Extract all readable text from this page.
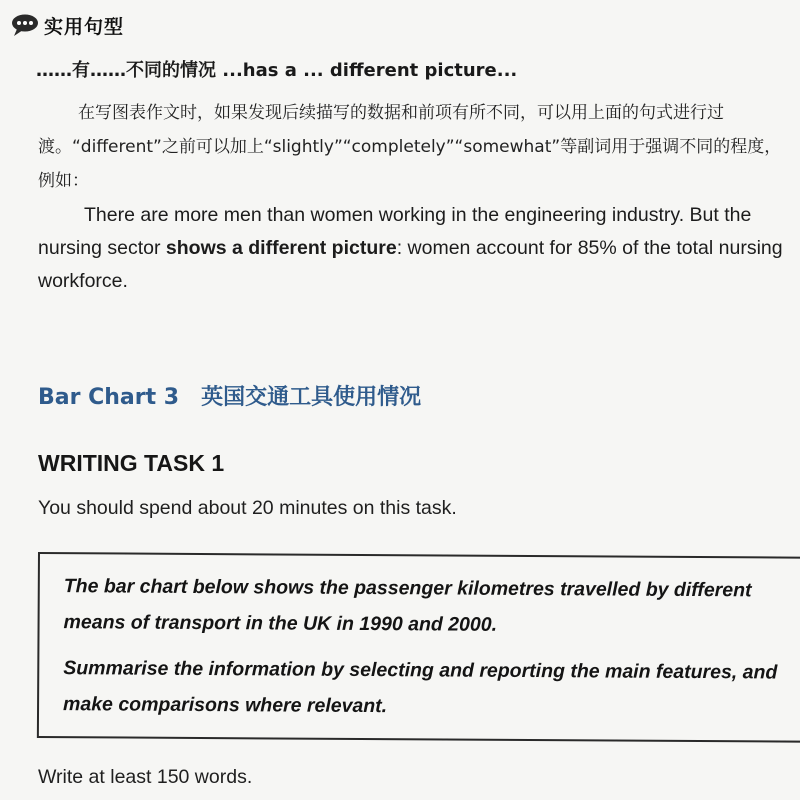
实用句型
……有……不同的情况 ...has a ... different picture...
在写图表作文时，如果发现后续描写的数据和前项有所不同，可以用上面的句式进行过渡。“different”之前可以加上“slightly”“completely”“somewhat”等副词用于强调不同的程度，例如：
There are more men than women working in the engineering industry. But the nursing sector shows a different picture: women account for 85% of the total nursing workforce.
Bar Chart 3 英国交通工具使用情况
WRITING TASK 1
You should spend about 20 minutes on this task.

The bar chart below shows the passenger kilometres travelled by different means of transport in the UK in 1990 and 2000.

Summarise the information by selecting and reporting the main features, and make comparisons where relevant.

Write at least 150 words.
